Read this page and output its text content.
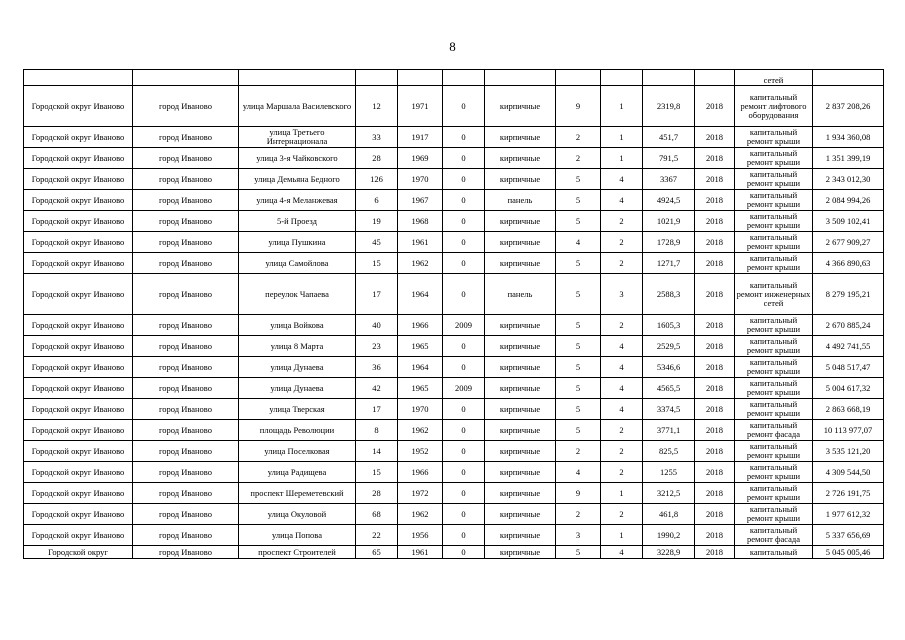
8
											сетей	
Городской округ Иваново	город Иваново	улица Маршала Василевского	12	1971	0	кирпичные	9	1	2319,8	2018	капитальный ремонт лифтового оборудования	2 837 208,26
Городской округ Иваново	город Иваново	улица Третьего Интернационала	33	1917	0	кирпичные	2	1	451,7	2018	капитальный ремонт крыши	1 934 360,08
Городской округ Иваново	город Иваново	улица 3-я Чайковского	28	1969	0	кирпичные	2	1	791,5	2018	капитальный ремонт крыши	1 351 399,19
Городской округ Иваново	город Иваново	улица Демьяна Бедного	126	1970	0	кирпичные	5	4	3367	2018	капитальный ремонт крыши	2 343 012,30
Городской округ Иваново	город Иваново	улица 4-я Меланжевая	6	1967	0	панель	5	4	4924,5	2018	капитальный ремонт крыши	2 084 994,26
Городской округ Иваново	город Иваново	5-й Проезд	19	1968	0	кирпичные	5	2	1021,9	2018	капитальный ремонт крыши	3 509 102,41
Городской округ Иваново	город Иваново	улица Пушкина	45	1961	0	кирпичные	4	2	1728,9	2018	капитальный ремонт крыши	2 677 909,27
Городской округ Иваново	город Иваново	улица Самойлова	15	1962	0	кирпичные	5	2	1271,7	2018	капитальный ремонт крыши	4 366 890,63
Городской округ Иваново	город Иваново	переулок Чапаева	17	1964	0	панель	5	3	2588,3	2018	капитальный ремонт инженерных сетей	8 279 195,21
Городской округ Иваново	город Иваново	улица Войкова	40	1966	2009	кирпичные	5	2	1605,3	2018	капитальный ремонт крыши	2 670 885,24
Городской округ Иваново	город Иваново	улица 8 Марта	23	1965	0	кирпичные	5	4	2529,5	2018	капитальный ремонт крыши	4 492 741,55
Городской округ Иваново	город Иваново	улица Дунаева	36	1964	0	кирпичные	5	4	5346,6	2018	капитальный ремонт крыши	5 048 517,47
Городской округ Иваново	город Иваново	улица Дунаева	42	1965	2009	кирпичные	5	4	4565,5	2018	капитальный ремонт крыши	5 004 617,32
Городской округ Иваново	город Иваново	улица Тверская	17	1970	0	кирпичные	5	4	3374,5	2018	капитальный ремонт крыши	2 863 668,19
Городской округ Иваново	город Иваново	площадь Революции	8	1962	0	кирпичные	5	2	3771,1	2018	капитальный ремонт фасада	10 113 977,07
Городской округ Иваново	город Иваново	улица Поселковая	14	1952	0	кирпичные	2	2	825,5	2018	капитальный ремонт крыши	3 535 121,20
Городской округ Иваново	город Иваново	улица Радищева	15	1966	0	кирпичные	4	2	1255	2018	капитальный ремонт крыши	4 309 544,50
Городской округ Иваново	город Иваново	проспект Шереметевский	28	1972	0	кирпичные	9	1	3212,5	2018	капитальный ремонт крыши	2 726 191,75
Городской округ Иваново	город Иваново	улица Окуловой	68	1962	0	кирпичные	2	2	461,8	2018	капитальный ремонт крыши	1 977 612,32
Городской округ Иваново	город Иваново	улица Попова	22	1956	0	кирпичные	3	1	1990,2	2018	капитальный ремонт фасада	5 337 656,69
Городской округ	город Иваново	проспект Строителей	65	1961	0	кирпичные	5	4	3228,9	2018	капитальный	5 045 005,46
